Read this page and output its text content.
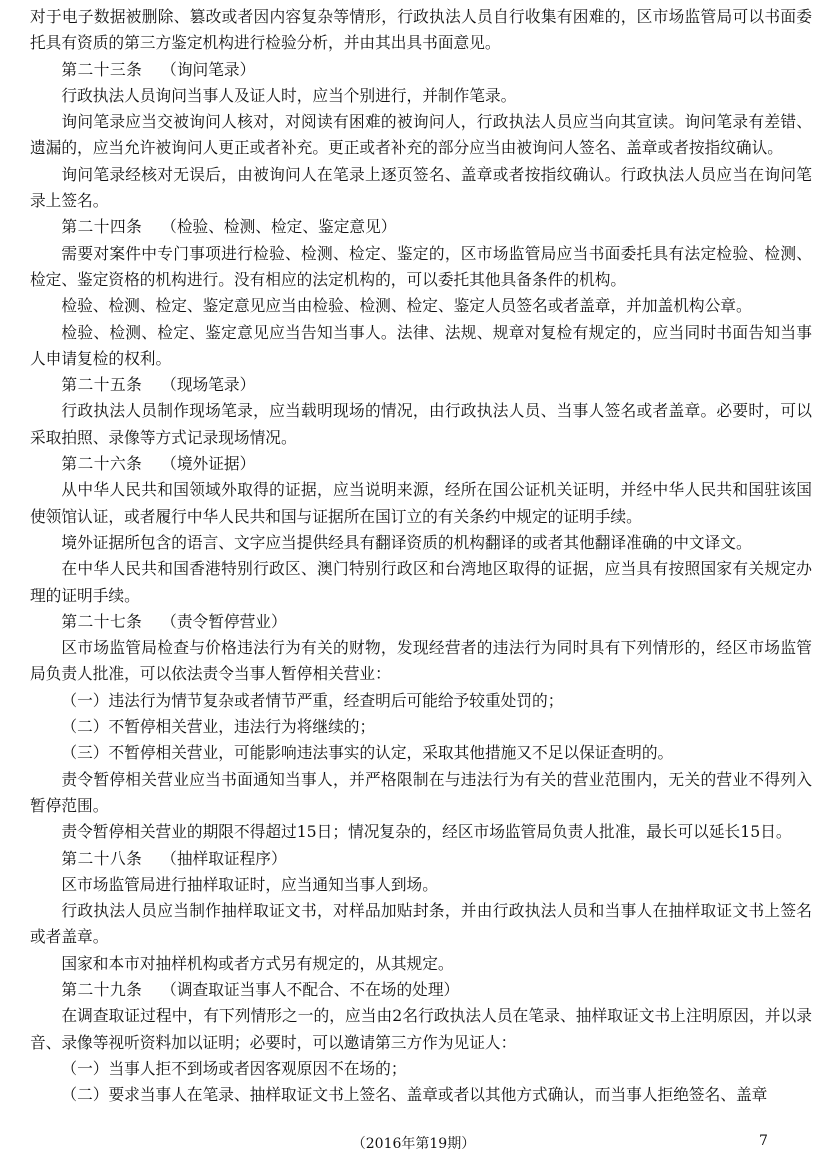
对于电子数据被删除、篡改或者因内容复杂等情形，行政执法人员自行收集有困难的，区市场监管局可以书面委托具有资质的第三方鉴定机构进行检验分析，并由其出具书面意见。

第二十三条 （询问笔录）

行政执法人员询问当事人及证人时，应当个别进行，并制作笔录。

询问笔录应当交被询问人核对，对阅读有困难的被询问人，行政执法人员应当向其宣读。询问笔录有差错、遗漏的，应当允许被询问人更正或者补充。更正或者补充的部分应当由被询问人签名、盖章或者按指纹确认。

询问笔录经核对无误后，由被询问人在笔录上逐页签名、盖章或者按指纹确认。行政执法人员应当在询问笔录上签名。

第二十四条 （检验、检测、检定、鉴定意见）

需要对案件中专门事项进行检验、检测、检定、鉴定的，区市场监管局应当书面委托具有法定检验、检测、检定、鉴定资格的机构进行。没有相应的法定机构的，可以委托其他具备条件的机构。

检验、检测、检定、鉴定意见应当由检验、检测、检定、鉴定人员签名或者盖章，并加盖机构公章。

检验、检测、检定、鉴定意见应当告知当事人。法律、法规、规章对复检有规定的，应当同时书面告知当事人申请复检的权利。

第二十五条 （现场笔录）

行政执法人员制作现场笔录，应当载明现场的情况，由行政执法人员、当事人签名或者盖章。必要时，可以采取拍照、录像等方式记录现场情况。

第二十六条 （境外证据）

从中华人民共和国领域外取得的证据，应当说明来源，经所在国公证机关证明，并经中华人民共和国驻该国使领馆认证，或者履行中华人民共和国与证据所在国订立的有关条约中规定的证明手续。

境外证据所包含的语言、文字应当提供经具有翻译资质的机构翻译的或者其他翻译准确的中文译文。

在中华人民共和国香港特别行政区、澳门特别行政区和台湾地区取得的证据，应当具有按照国家有关规定办理的证明手续。

第二十七条 （责令暂停营业）

区市场监管局检查与价格违法行为有关的财物，发现经营者的违法行为同时具有下列情形的，经区市场监管局负责人批准，可以依法责令当事人暂停相关营业：

（一）违法行为情节复杂或者情节严重，经查明后可能给予较重处罚的；

（二）不暂停相关营业，违法行为将继续的；

（三）不暂停相关营业，可能影响违法事实的认定，采取其他措施又不足以保证查明的。

责令暂停相关营业应当书面通知当事人，并严格限制在与违法行为有关的营业范围内，无关的营业不得列入暂停范围。

责令暂停相关营业的期限不得超过15日；情况复杂的，经区市场监管局负责人批准，最长可以延长15日。

第二十八条 （抽样取证程序）

区市场监管局进行抽样取证时，应当通知当事人到场。

行政执法人员应当制作抽样取证文书，对样品加贴封条，并由行政执法人员和当事人在抽样取证文书上签名或者盖章。

国家和本市对抽样机构或者方式另有规定的，从其规定。

第二十九条 （调查取证当事人不配合、不在场的处理）

在调查取证过程中，有下列情形之一的，应当由2名行政执法人员在笔录、抽样取证文书上注明原因，并以录音、录像等视听资料加以证明；必要时，可以邀请第三方作为见证人：

（一）当事人拒不到场或者因客观原因不在场的；

（二）要求当事人在笔录、抽样取证文书上签名、盖章或者以其他方式确认，而当事人拒绝签名、盖章

（2016年第19期）	7
